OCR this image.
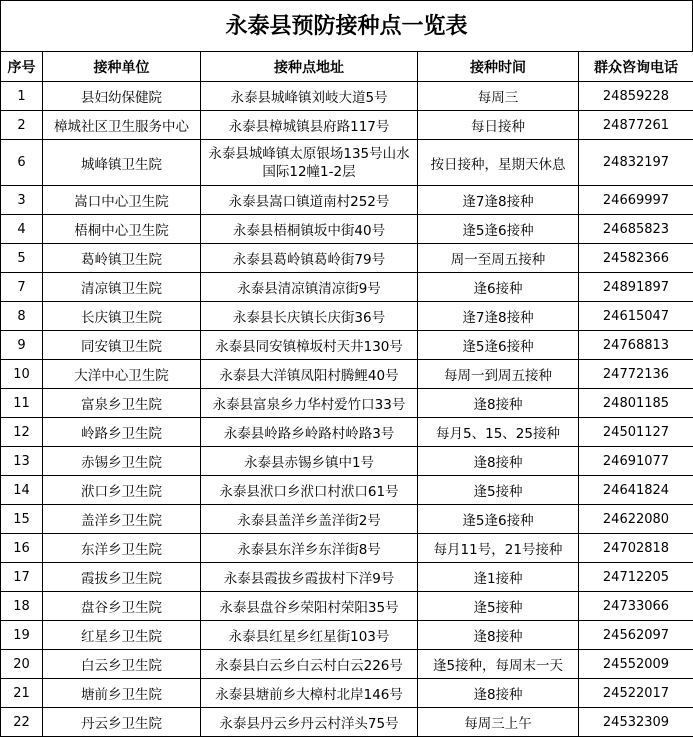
永泰县预防接种点一览表
序号	接种单位	接种点地址	接种时间	群众咨询电话
1	县妇幼保健院	永泰县城峰镇刘岐大道5号	每周三	24859228
2	樟城社区卫生服务中心	永泰县樟城镇县府路117号	每日接种	24877261
6	城峰镇卫生院	永泰县城峰镇太原银场135号山水国际12幢1-2层	按日接种，星期天休息	24832197
3	嵩口中心卫生院	永泰县嵩口镇道南村252号	逢7逢8接种	24669997
4	梧桐中心卫生院	永泰县梧桐镇坂中街40号	逢5逢6接种	24685823
5	葛岭镇卫生院	永泰县葛岭镇葛岭街79号	周一至周五接种	24582366
7	清凉镇卫生院	永泰县清凉镇清凉街9号	逢6接种	24891897
8	长庆镇卫生院	永泰县长庆镇长庆街36号	逢7逢8接种	24615047
9	同安镇卫生院	永泰县同安镇樟坂村天井130号	逢5逢6接种	24768813
10	大洋中心卫生院	永泰县大洋镇凤阳村腾鲤40号	每周一到周五接种	24772136
11	富泉乡卫生院	永泰县富泉乡力华村爱竹口33号	逢8接种	24801185
12	岭路乡卫生院	永泰县岭路乡岭路村岭路3号	每月5、15、25接种	24501127
13	赤锡乡卫生院	永泰县赤锡乡镇中1号	逢8接种	24691077
14	洑口乡卫生院	永泰县洑口乡洑口村洑口61号	逢5接种	24641824
15	盖洋乡卫生院	永泰县盖洋乡盖洋街2号	逢5逢6接种	24622080
16	东洋乡卫生院	永泰县东洋乡东洋街8号	每月11号，21号接种	24702818
17	霞拔乡卫生院	永泰县霞拔乡霞拔村下洋9号	逢1接种	24712205
18	盘谷乡卫生院	永泰县盘谷乡荣阳村荣阳35号	逢5接种	24733066
19	红星乡卫生院	永泰县红星乡红星街103号	逢8接种	24562097
20	白云乡卫生院	永泰县白云乡白云村白云226号	逢5接种，每周末一天	24552009
21	塘前乡卫生院	永泰县塘前乡大樟村北岸146号	逢8接种	24522017
22	丹云乡卫生院	永泰县丹云乡丹云村洋头75号	每周三上午	24532309
